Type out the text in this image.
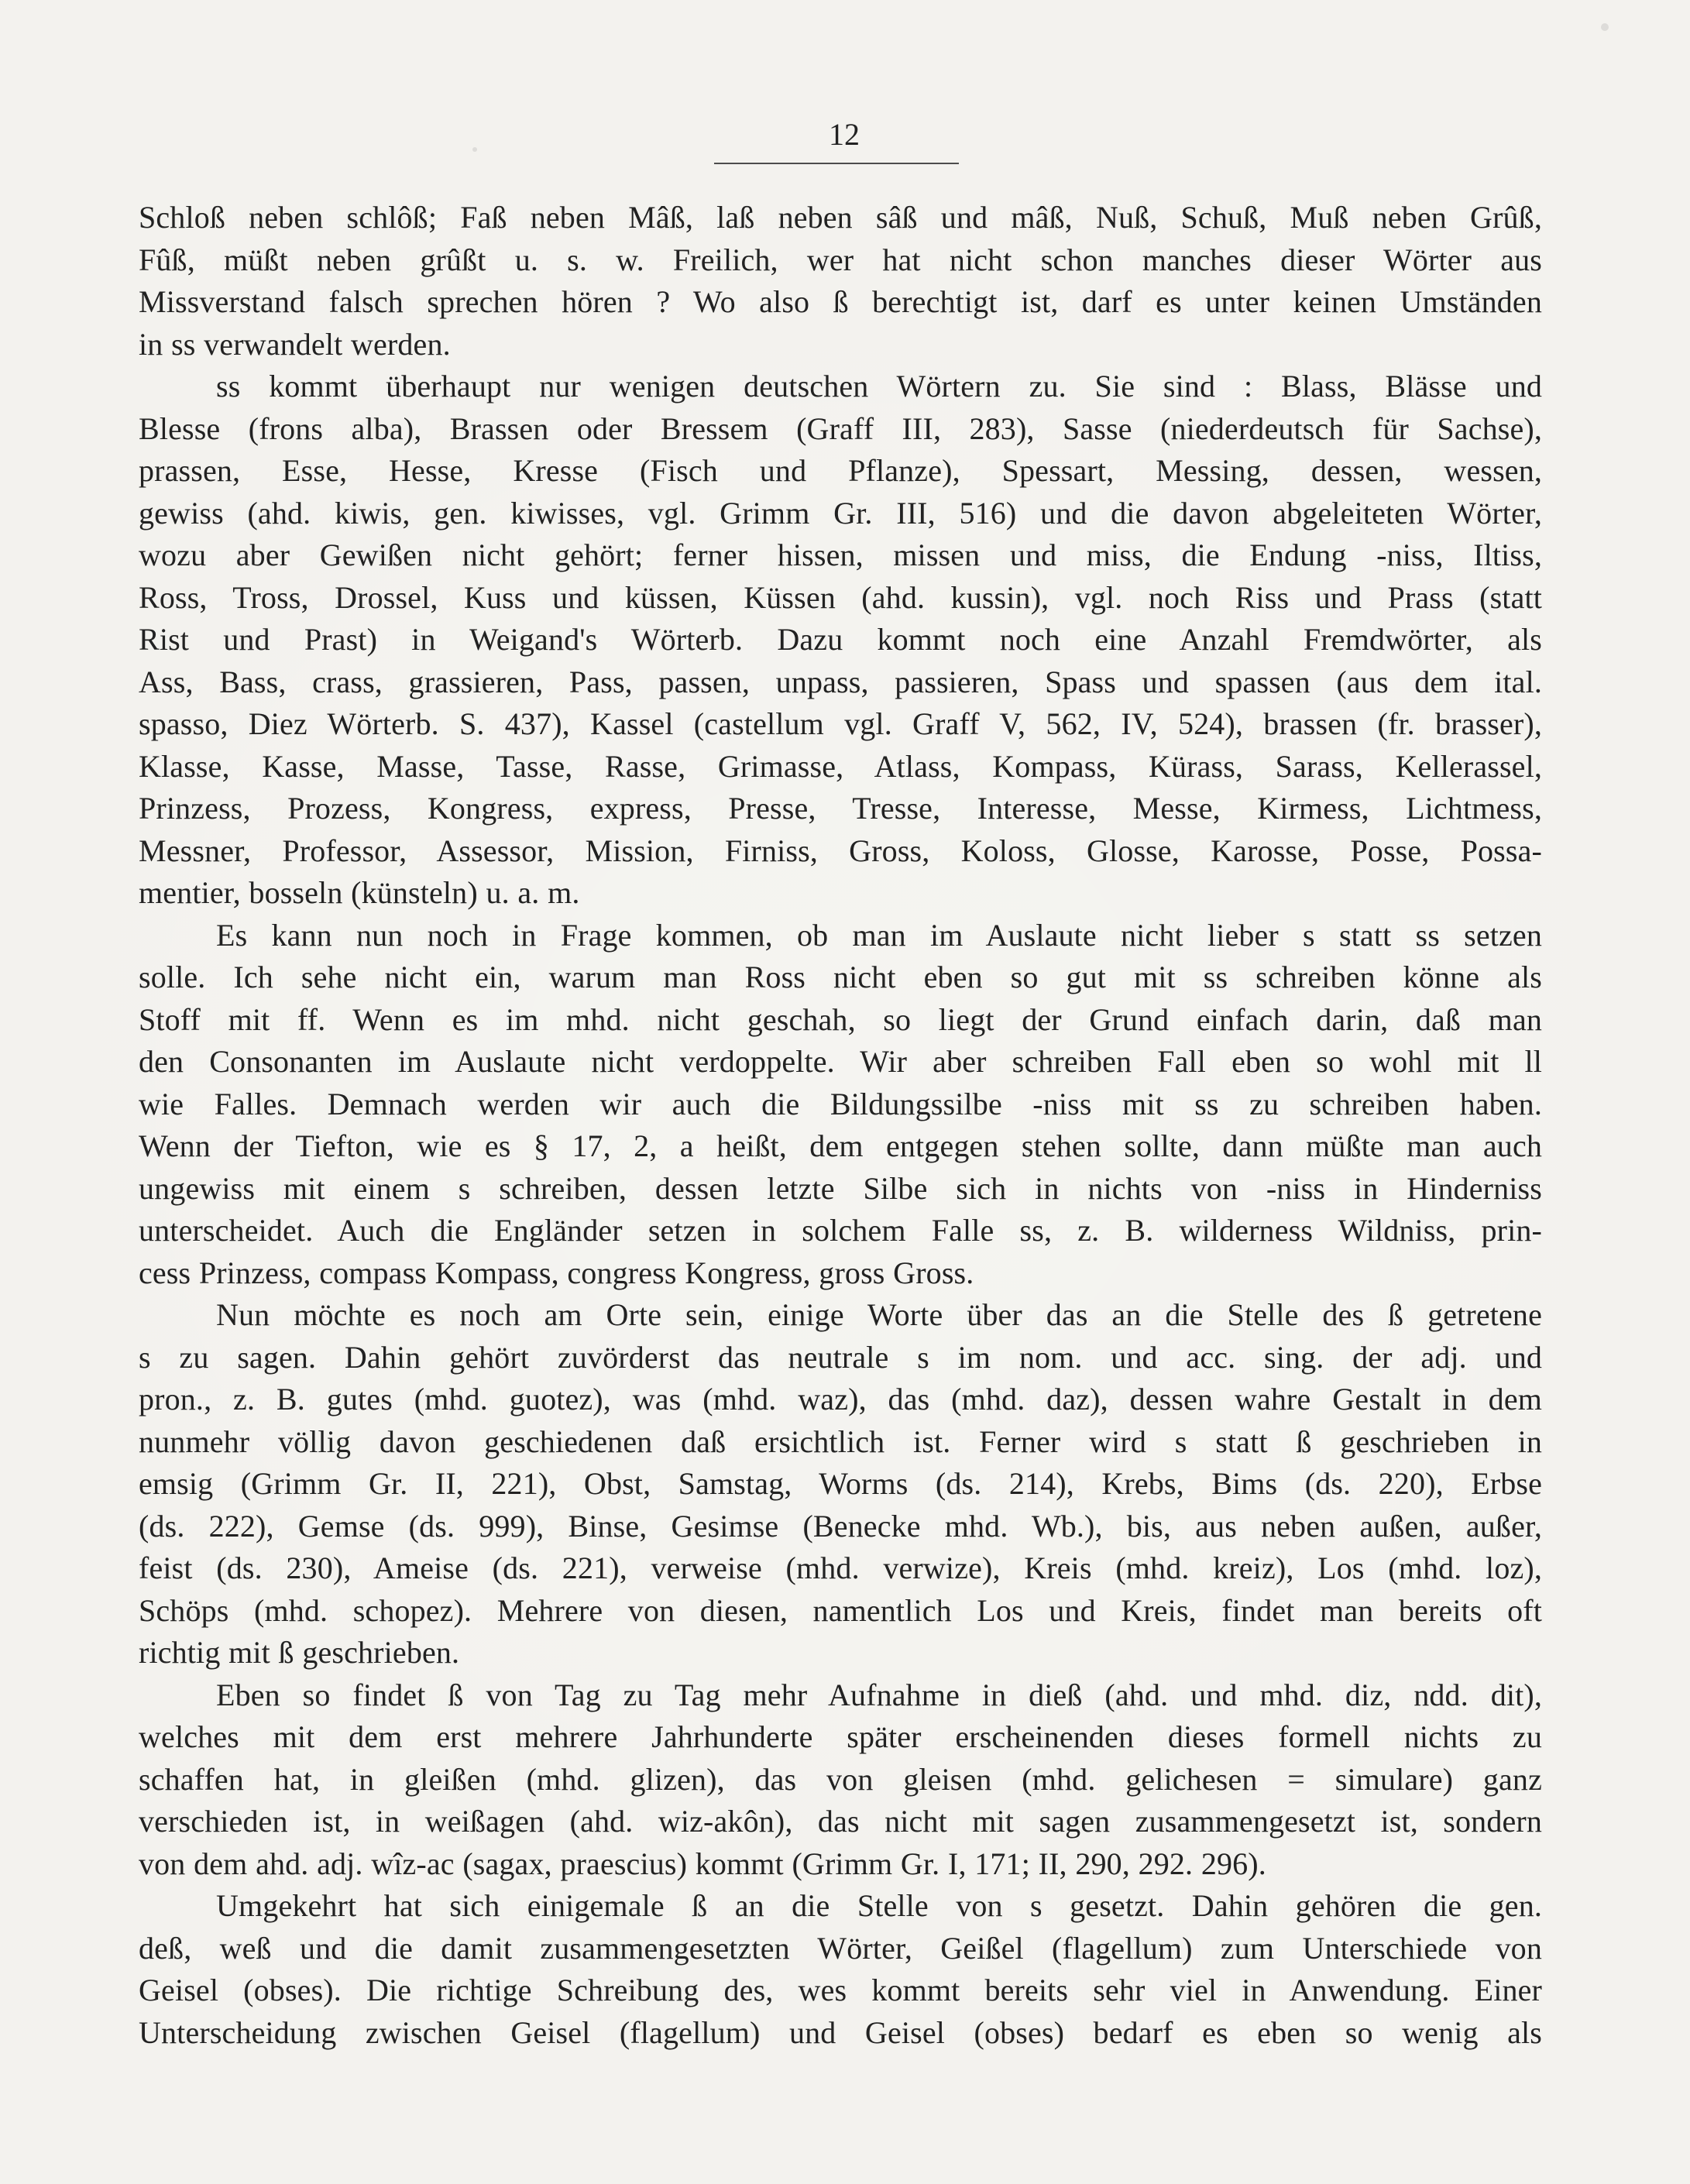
12
Schloß neben schlôß; Faß neben Mâß, laß neben sâß und mâß, Nuß, Schuß, Muß neben Grûß,
Fûß, müßt neben grûßt u. s. w. Freilich, wer hat nicht schon manches dieser Wörter aus
Missverstand falsch sprechen hören ? Wo also ß berechtigt ist, darf es unter keinen Umständen
in ss verwandelt werden.
ss kommt überhaupt nur wenigen deutschen Wörtern zu. Sie sind : Blass, Blässe und
Blesse (frons alba), Brassen oder Bressem (Graff III, 283), Sasse (niederdeutsch für Sachse),
prassen, Esse, Hesse, Kresse (Fisch und Pflanze), Spessart, Messing, dessen, wessen,
gewiss (ahd. kiwis, gen. kiwisses, vgl. Grimm Gr. III, 516) und die davon abgeleiteten Wörter,
wozu aber Gewißen nicht gehört; ferner hissen, missen und miss, die Endung -niss, Iltiss,
Ross, Tross, Drossel, Kuss und küssen, Küssen (ahd. kussin), vgl. noch Riss und Prass (statt
Rist und Prast) in Weigand's Wörterb. Dazu kommt noch eine Anzahl Fremdwörter, als
Ass, Bass, crass, grassieren, Pass, passen, unpass, passieren, Spass und spassen (aus dem ital.
spasso, Diez Wörterb. S. 437), Kassel (castellum vgl. Graff V, 562, IV, 524), brassen (fr. brasser),
Klasse, Kasse, Masse, Tasse, Rasse, Grimasse, Atlass, Kompass, Kürass, Sarass, Kellerassel,
Prinzess, Prozess, Kongress, express, Presse, Tresse, Interesse, Messe, Kirmess, Lichtmess,
Messner, Professor, Assessor, Mission, Firniss, Gross, Koloss, Glosse, Karosse, Posse, Possa-
mentier, bosseln (künsteln) u. a. m.
Es kann nun noch in Frage kommen, ob man im Auslaute nicht lieber s statt ss setzen
solle. Ich sehe nicht ein, warum man Ross nicht eben so gut mit ss schreiben könne als
Stoff mit ff. Wenn es im mhd. nicht geschah, so liegt der Grund einfach darin, daß man
den Consonanten im Auslaute nicht verdoppelte. Wir aber schreiben Fall eben so wohl mit ll
wie Falles. Demnach werden wir auch die Bildungssilbe -niss mit ss zu schreiben haben.
Wenn der Tiefton, wie es § 17, 2, a heißt, dem entgegen stehen sollte, dann müßte man auch
ungewiss mit einem s schreiben, dessen letzte Silbe sich in nichts von -niss in Hinderniss
unterscheidet. Auch die Engländer setzen in solchem Falle ss, z. B. wilderness Wildniss, prin-
cess Prinzess, compass Kompass, congress Kongress, gross Gross.
Nun möchte es noch am Orte sein, einige Worte über das an die Stelle des ß getretene
s zu sagen. Dahin gehört zuvörderst das neutrale s im nom. und acc. sing. der adj. und
pron., z. B. gutes (mhd. guotez), was (mhd. waz), das (mhd. daz), dessen wahre Gestalt in dem
nunmehr völlig davon geschiedenen daß ersichtlich ist. Ferner wird s statt ß geschrieben in
emsig (Grimm Gr. II, 221), Obst, Samstag, Worms (ds. 214), Krebs, Bims (ds. 220), Erbse
(ds. 222), Gemse (ds. 999), Binse, Gesimse (Benecke mhd. Wb.), bis, aus neben außen, außer,
feist (ds. 230), Ameise (ds. 221), verweise (mhd. verwize), Kreis (mhd. kreiz), Los (mhd. loz),
Schöps (mhd. schopez). Mehrere von diesen, namentlich Los und Kreis, findet man bereits oft
richtig mit ß geschrieben.
Eben so findet ß von Tag zu Tag mehr Aufnahme in dieß (ahd. und mhd. diz, ndd. dit),
welches mit dem erst mehrere Jahrhunderte später erscheinenden dieses formell nichts zu
schaffen hat, in gleißen (mhd. glizen), das von gleisen (mhd. gelichesen = simulare) ganz
verschieden ist, in weißagen (ahd. wiz-akôn), das nicht mit sagen zusammengesetzt ist, sondern
von dem ahd. adj. wîz-ac (sagax, praescius) kommt (Grimm Gr. I, 171; II, 290, 292. 296).
Umgekehrt hat sich einigemale ß an die Stelle von s gesetzt. Dahin gehören die gen.
deß, weß und die damit zusammengesetzten Wörter, Geißel (flagellum) zum Unterschiede von
Geisel (obses). Die richtige Schreibung des, wes kommt bereits sehr viel in Anwendung. Einer
Unterscheidung zwischen Geisel (flagellum) und Geisel (obses) bedarf es eben so wenig als
